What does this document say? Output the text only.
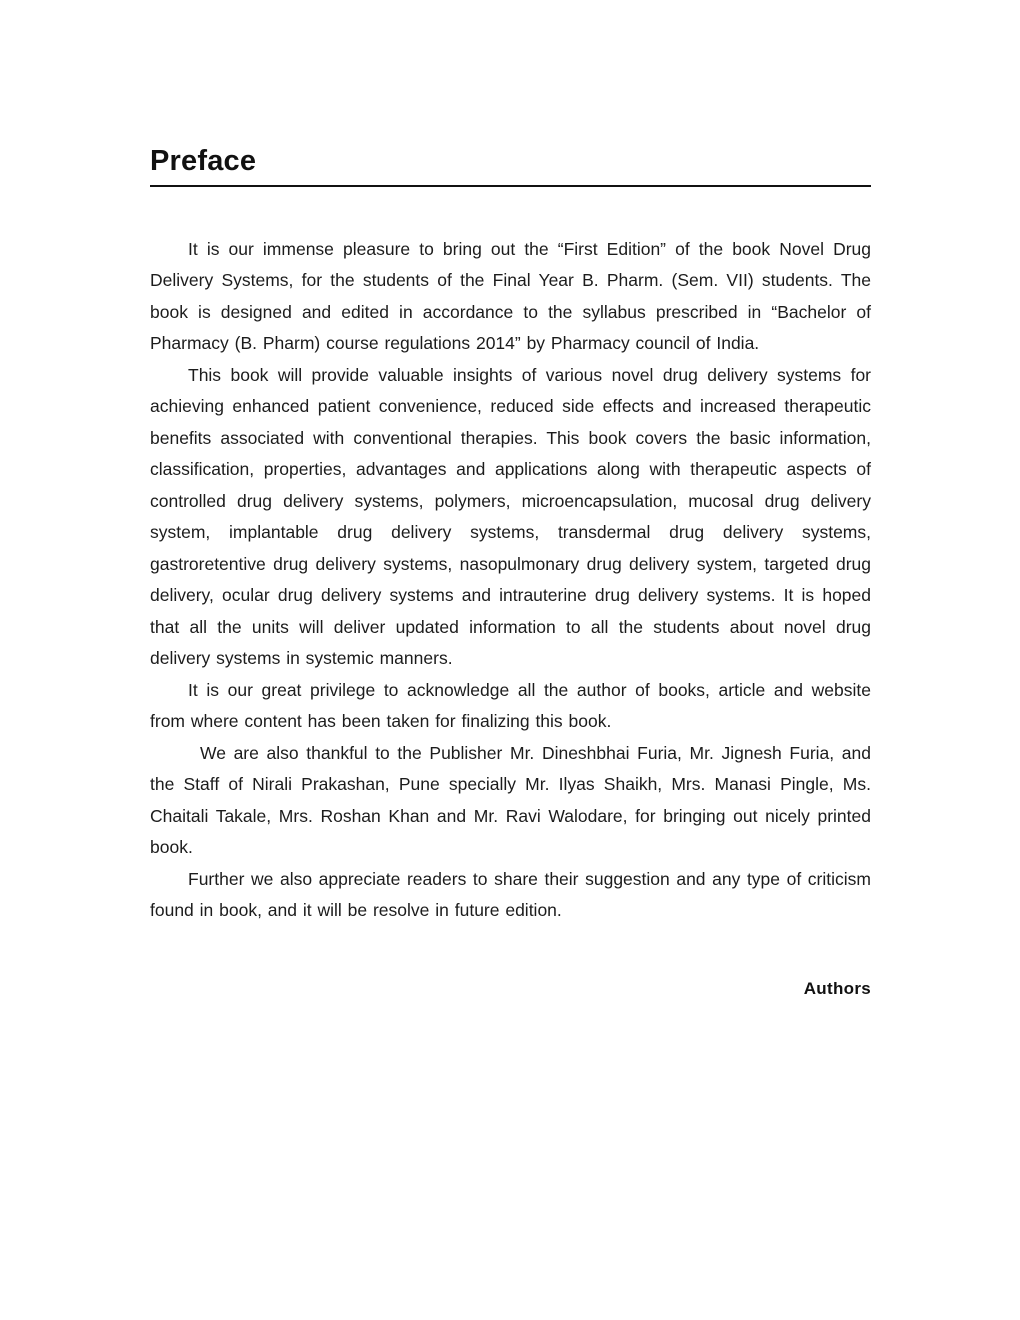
Preface

It is our immense pleasure to bring out the “First Edition” of the book Novel Drug Delivery Systems, for the students of the Final Year B. Pharm. (Sem. VII) students. The book is designed and edited in accordance to the syllabus prescribed in “Bachelor of Pharmacy (B. Pharm) course regulations 2014” by Pharmacy council of India.

This book will provide valuable insights of various novel drug delivery systems for achieving enhanced patient convenience, reduced side effects and increased therapeutic benefits associated with conventional therapies. This book covers the basic information, classification, properties, advantages and applications along with therapeutic aspects of controlled drug delivery systems, polymers, microencapsulation, mucosal drug delivery system, implantable drug delivery systems, transdermal drug delivery systems, gastroretentive drug delivery systems, nasopulmonary drug delivery system, targeted drug delivery, ocular drug delivery systems and intrauterine drug delivery systems. It is hoped that all the units will deliver updated information to all the students about novel drug delivery systems in systemic manners.

It is our great privilege to acknowledge all the author of books, article and website from where content has been taken for finalizing this book.

We are also thankful to the Publisher Mr. Dineshbhai Furia, Mr. Jignesh Furia, and the Staff of Nirali Prakashan, Pune specially Mr. Ilyas Shaikh, Mrs. Manasi Pingle, Ms. Chaitali Takale, Mrs. Roshan Khan and Mr. Ravi Walodare, for bringing out nicely printed book.

Further we also appreciate readers to share their suggestion and any type of criticism found in book, and it will be resolve in future edition.

Authors
